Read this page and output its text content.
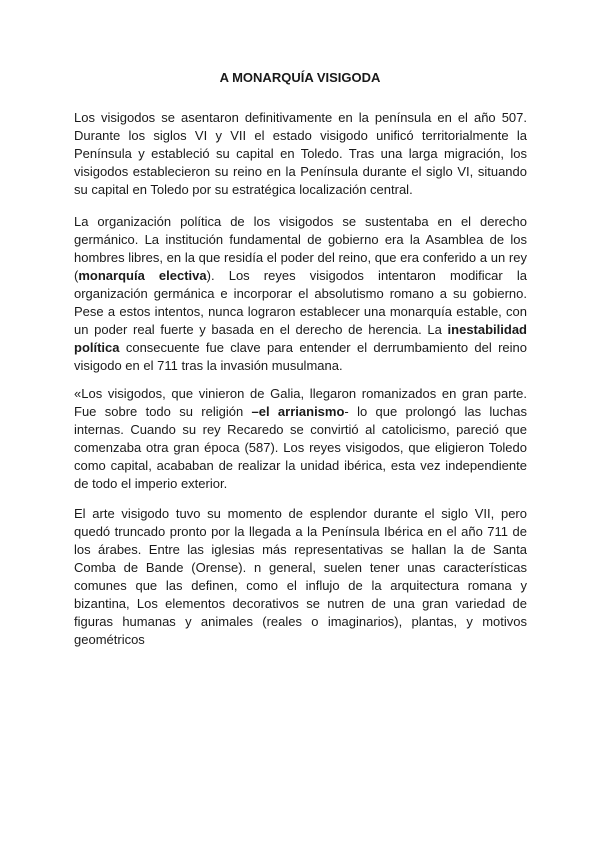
A MONARQUÍA VISIGODA

Los visigodos se asentaron definitivamente en la península en el año 507. Durante los siglos VI y VII el estado visigodo unificó territorialmente la Península y estableció su capital en Toledo. Tras una larga migración, los visigodos establecieron su reino en la Península durante el siglo VI, situando su capital en Toledo por su estratégica localización central.

La organización política de los visigodos se sustentaba en el derecho germánico. La institución fundamental de gobierno era la Asamblea de los hombres libres, en la que residía el poder del reino, que era conferido a un rey (monarquía electiva). Los reyes visigodos intentaron modificar la organización germánica e incorporar el absolutismo romano a su gobierno. Pese a estos intentos, nunca lograron establecer una monarquía estable, con un poder real fuerte y basada en el derecho de herencia. La inestabilidad política consecuente fue clave para entender el derrumbamiento del reino visigodo en el 711 tras la invasión musulmana.

«Los visigodos, que vinieron de Galia, llegaron romanizados en gran parte. Fue sobre todo su religión –el arrianismo- lo que prolongó las luchas internas. Cuando su rey Recaredo se convirtió al catolicismo, pareció que comenzaba otra gran época (587). Los reyes visigodos, que eligieron Toledo como capital, acababan de realizar la unidad ibérica, esta vez independiente de todo el imperio exterior.

El arte visigodo tuvo su momento de esplendor durante el siglo VII, pero quedó truncado pronto por la llegada a la Península Ibérica en el año 711 de los árabes. Entre las iglesias más representativas se hallan la de Santa Comba de Bande (Orense). n general, suelen tener unas características comunes que las definen, como el influjo de la arquitectura romana y bizantina, Los elementos decorativos se nutren de una gran variedad de figuras humanas y animales (reales o imaginarios), plantas, y motivos geométricos
